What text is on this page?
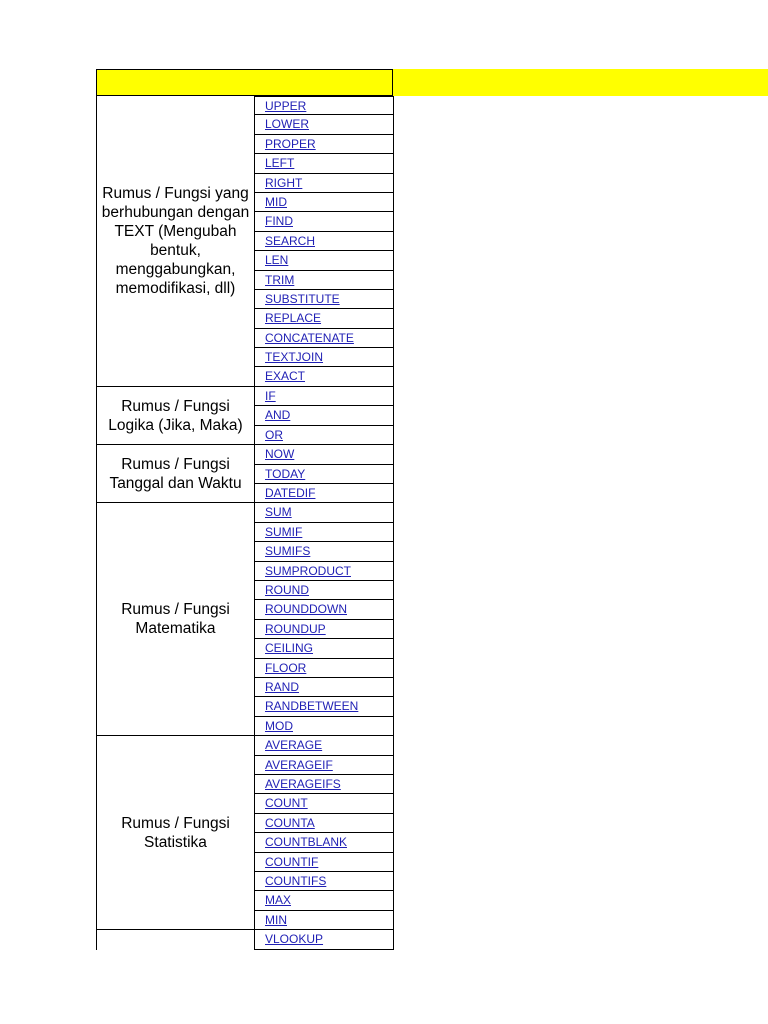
Rumus / Fungsi yang
berhubungan dengan
TEXT (Mengubah
bentuk,
menggabungkan,
memodifikasi, dll)
UPPER
LOWER
PROPER
LEFT
RIGHT
MID
FIND
SEARCH
LEN
TRIM
SUBSTITUTE
REPLACE
CONCATENATE
TEXTJOIN
EXACT
Rumus / Fungsi
Logika (Jika, Maka)
IF
AND
OR
Rumus / Fungsi
Tanggal dan Waktu
NOW
TODAY
DATEDIF
Rumus / Fungsi
Matematika
SUM
SUMIF
SUMIFS
SUMPRODUCT
ROUND
ROUNDDOWN
ROUNDUP
CEILING
FLOOR
RAND
RANDBETWEEN
MOD
Rumus / Fungsi
Statistika
AVERAGE
AVERAGEIF
AVERAGEIFS
COUNT
COUNTA
COUNTBLANK
COUNTIF
COUNTIFS
MAX
MIN
VLOOKUP
